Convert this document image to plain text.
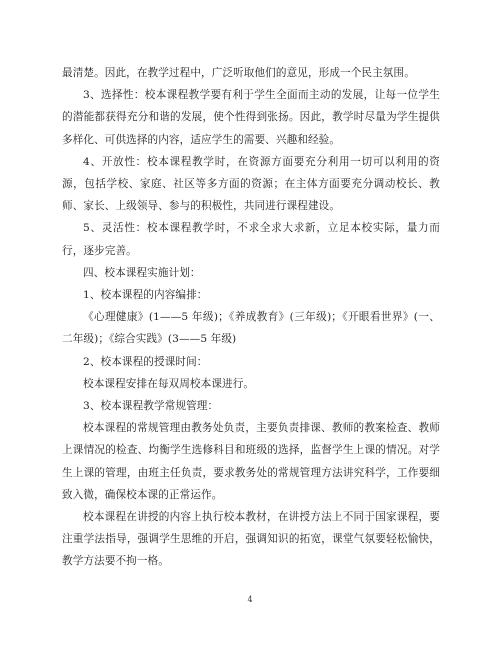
最清楚。因此，在教学过程中，广泛听取他们的意见，形成一个民主氛围。

3、选择性：校本课程教学要有利于学生全面而主动的发展，让每一位学生的潜能都获得充分和谐的发展，使个性得到张扬。因此，教学时尽量为学生提供多样化、可供选择的内容，适应学生的需要、兴趣和经验。

4、开放性：校本课程教学时，在资源方面要充分利用一切可以利用的资源，包括学校、家庭、社区等多方面的资源；在主体方面要充分调动校长、教师、家长、上级领导、参与的积极性，共同进行课程建设。

5、灵活性：校本课程教学时，不求全求大求新，立足本校实际，量力而行，逐步完善。

四、校本课程实施计划：

1、校本课程的内容编排：

《心理健康》(1——5 年级)；《养成教育》(三年级)；《开眼看世界》(一、二年级)；《综合实践》(3——5 年级)

2、校本课程的授课时间：

校本课程安排在每双周校本课进行。

3、校本课程教学常规管理：

校本课程的常规管理由教务处负责，主要负责排课、教师的教案检查、教师上课情况的检查、均衡学生选修科目和班级的选择，监督学生上课的情况。对学生上课的管理，由班主任负责，要求教务处的常规管理方法讲究科学，工作要细致入微，确保校本课的正常运作。

校本课程在讲授的内容上执行校本教材，在讲授方法上不同于国家课程，要注重学法指导，强调学生思维的开启，强调知识的拓宽，课堂气氛要轻松愉快，教学方法要不拘一格。

4
